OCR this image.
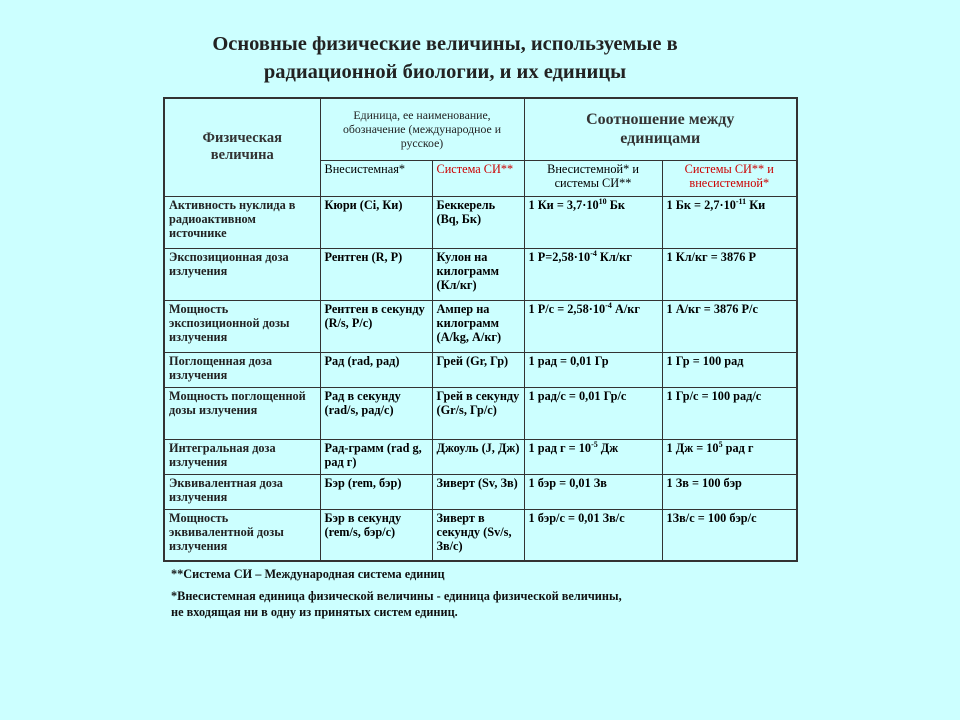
Основные физические величины, используемые в
радиационной биологии, и их единицы
Физическая величина	Единица, ее наименование, обозначение (международное и русское)		Соотношение между единицами	
	Внесистемная*	Система СИ**	Внесистемной* и системы СИ**	Системы СИ** и внесистемной*
Активность нуклида в радиоактивном источнике	Кюри (Ci, Ки)	Беккерель (Bq, Бк)	1 Ки = $3,7\cdot 10^{10}$ Бк	1 Бк = $2,7\cdot 10^{-11}$ Ки
Экспозиционная доза излучения	Рентген (R, Р)	Кулон на килограмм (Кл/кг)	1 $Р=2,58\cdot 10^{-4}$ Кл/кг	1 Кл/кг = 3876 Р
Мощность экспозиционной дозы излучения	Рентген в секунду (R/s, Р/с)	Ампер на килограмм (A/kg, А/кг)	1 $Р/с = 2,58\cdot 10^{-4}$ А/кг	1 А/кг = 3876 Р/с
Поглощенная доза излучения	Рад (rad, рад)	Грей (Gr, Гр)	1 рад = 0,01 Гр	1 Гр = 100 рад
Мощность поглощенной дозы излучения	Рад в секунду (rad/s, рад/с)	Грей в секунду (Gr/s, Гр/с)	1 рад/с = 0,01 Гр/с	1 Гр/с = 100 рад/с
Интегральная доза излучения	Рад-грамм (rad g, рад г)	Джоуль (J, Дж)	1 рад $г = 10^{-5}$ Дж	1 Дж = $10^5$ рад г
Эквивалентная доза излучения	Бэр (rem, бэр)	Зиверт (Sv, Зв)	1 бэр = 0,01 Зв	1 Зв = 100 бэр
Мощность эквивалентной дозы излучения	Бэр в секунду (rem/s, бэр/с)	Зиверт в секунду (Sv/s, Зв/с)	1 бэр/с = 0,01 Зв/с	1Зв/с = 100 бэр/с
**Система СИ – Международная система единиц
*Внесистемная единица физической величины - единица физической величины,
не входящая ни в одну из принятых систем единиц.
